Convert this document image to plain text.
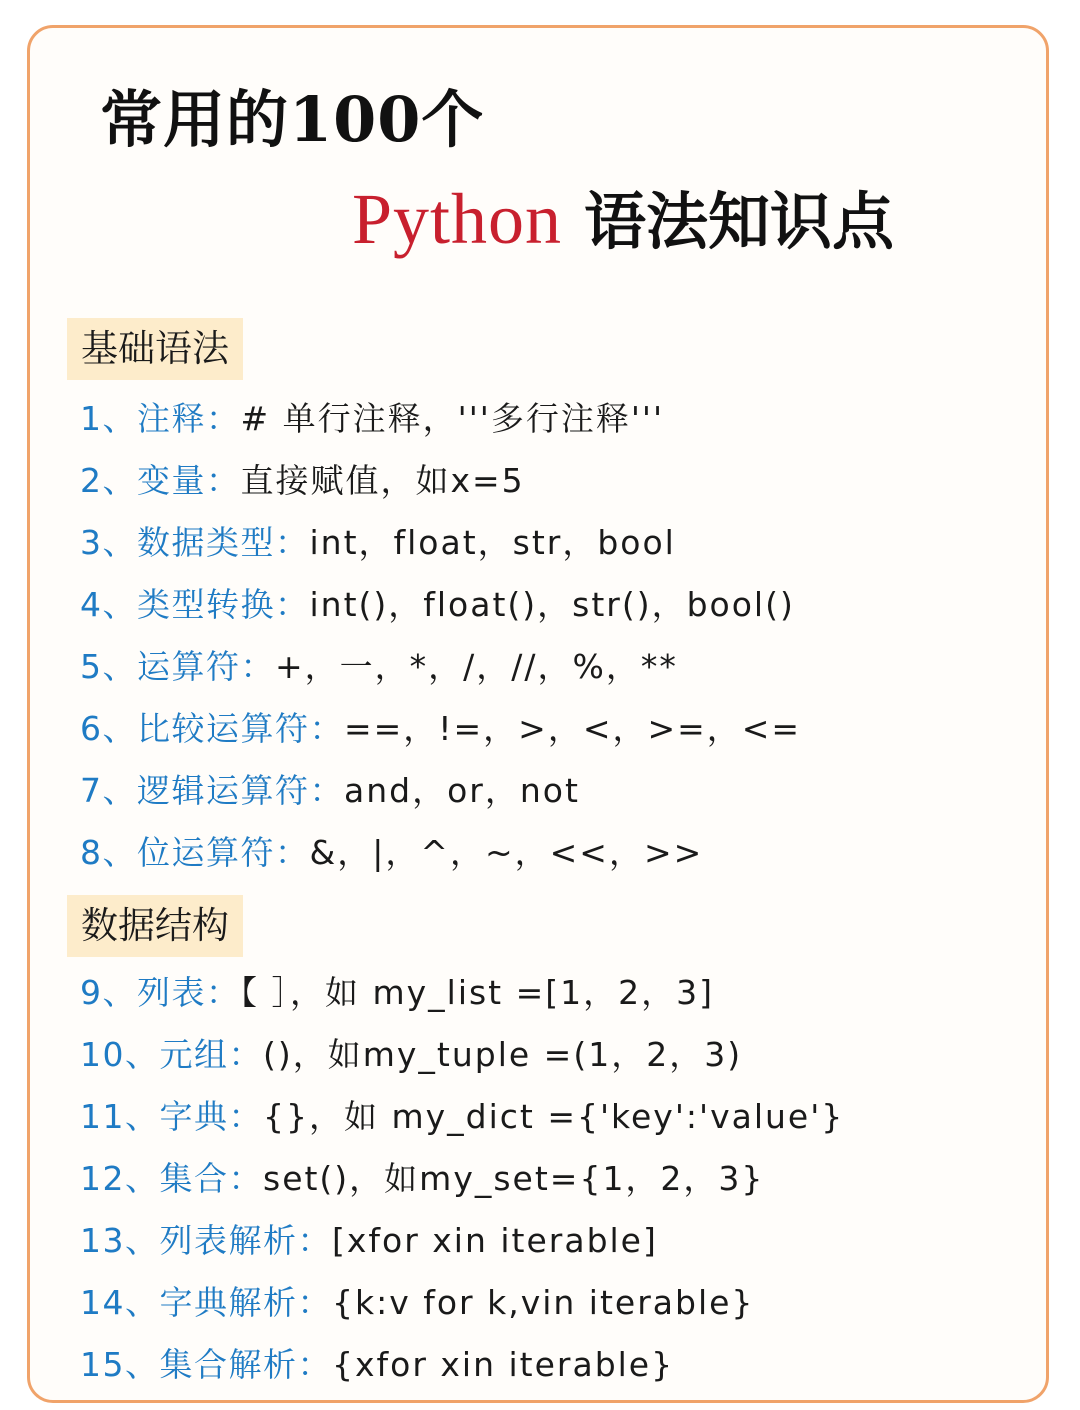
常用的100个
Python 语法知识点
基础语法
1、注释：# 单行注释，'''多行注释'''
2、变量：直接赋值，如x=5
3、数据类型：int，float，str，bool
4、类型转换：int()，float()，str()，bool()
5、运算符：+，一，*，/，//，%，**
6、比较运算符：==，!=，>，<，>=，<=
7、逻辑运算符：and，or，not
8、位运算符：&，|，^，~，<<，>>
数据结构
9、列表：【 ］，如 my_list =[1，2，3]
10、元组：()，如my_tuple =(1，2，3)
11、字典：{}，如 my_dict ={'key':'value'}
12、集合：set()，如my_set={1，2，3}
13、列表解析：[xfor xin iterable]
14、字典解析：{k:v for k,vin iterable}
15、集合解析：{xfor xin iterable}
